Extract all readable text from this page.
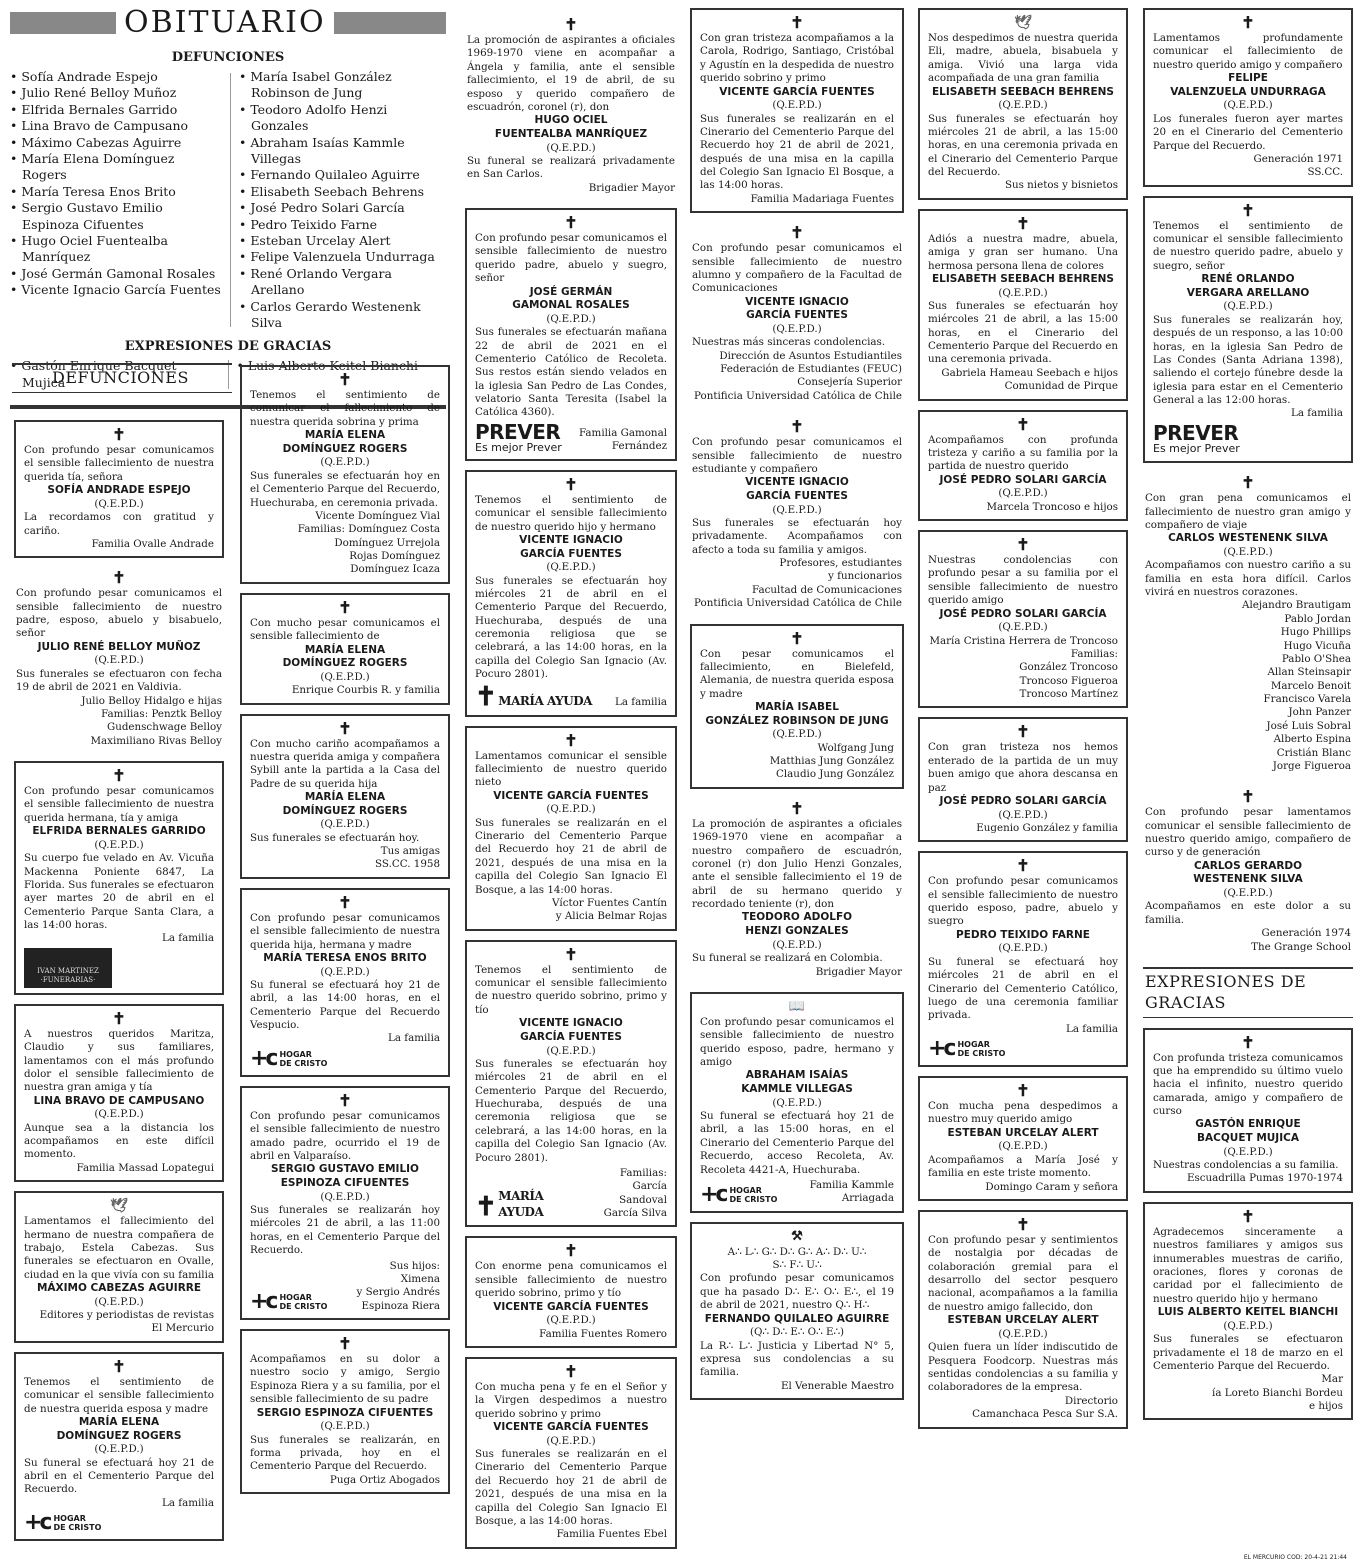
OBITUARIO
DEFUNCIONES
• Sofía Andrade Espejo
• Julio René Belloy Muñoz
• Elfrida Bernales Garrido
• Lina Bravo de Campusano
• Máximo Cabezas Aguirre
• María Elena Domínguez Rogers
• María Teresa Enos Brito
• Sergio Gustavo Emilio Espinoza Cifuentes
• Hugo Ociel Fuentealba Manríquez
• José Germán Gamonal Rosales
• Vicente Ignacio García Fuentes
• María Isabel González Robinson de Jung
• Teodoro Adolfo Henzi Gonzales
• Abraham Isaías Kammle Villegas
• Fernando Quilaleo Aguirre
• Elisabeth Seebach Behrens
• José Pedro Solari García
• Pedro Teixido Farne
• Esteban Urcelay Alert
• Felipe Valenzuela Undurraga
• René Orlando Vergara Arellano
• Carlos Gerardo Westenenk Silva
EXPRESIONES DE GRACIAS
• Gastón Enrique Bacquet Mujica
• Luis Alberto Keitel Bianchi
DEFUNCIONES
✝
Con profundo pesar comunicamos el sensible fallecimiento de nuestra querida tía, señora
SOFÍA ANDRADE ESPEJO
(Q.E.P.D.)
La recordamos con gratitud y cariño.
Familia Ovalle Andrade
✝
Con profundo pesar comunicamos el sensible fallecimiento de nuestro padre, esposo, abuelo y bisabuelo, señor
JULIO RENÉ BELLOY MUÑOZ
(Q.E.P.D.)
Sus funerales se efectuaron con fecha 19 de abril de 2021 en Valdivia.
Julio Belloy Hidalgo e hijas
Familias: Penztk Belloy
Gudenschwage Belloy
Maximiliano Rivas Belloy
✝
Con profundo pesar comunicamos el sensible fallecimiento de nuestra querida hermana, tía y amiga
ELFRIDA BERNALES GARRIDO
(Q.E.P.D.)
Su cuerpo fue velado en Av. Vicuña Mackenna Poniente 6847, La Florida. Sus funerales se efectuaron ayer martes 20 de abril en el Cementerio Parque Santa Clara, a las 14:00 horas.
La familia
IVAN MARTINEZ
·FUNERARIAS·
✝
A nuestros queridos Maritza, Claudio y sus familiares, lamentamos con el más profundo dolor el sensible fallecimiento de nuestra gran amiga y tía
LINA BRAVO DE CAMPUSANO
(Q.E.P.D.)
Aunque sea a la distancia los acompañamos en este difícil momento.
Familia Massad Lopategui
🕊
Lamentamos el fallecimiento del hermano de nuestra compañera de trabajo, Estela Cabezas. Sus funerales se efectuaron en Ovalle, ciudad en la que vivía con su familia
MÁXIMO CABEZAS AGUIRRE
(Q.E.P.D.)
Editores y periodistas de revistas
El Mercurio
✝
Tenemos el sentimiento de comunicar el sensible fallecimiento de nuestra querida esposa y madre
MARÍA ELENA
DOMÍNGUEZ ROGERS
(Q.E.P.D.)
Su funeral se efectuará hoy 21 de abril en el Cementerio Parque del Recuerdo.
La familia
+c HOGAR
DE CRISTO
✝
Tenemos el sentimiento de comunicar el fallecimiento de nuestra querida sobrina y prima
MARÍA ELENA
DOMÍNGUEZ ROGERS
(Q.E.P.D.)
Sus funerales se efectuarán hoy en el Cementerio Parque del Recuerdo, Huechuraba, en ceremonia privada.
Vicente Domínguez Vial
Familias: Domínguez Costa
Domínguez Urrejola
Rojas Domínguez
Domínguez Icaza
✝
Con mucho pesar comunicamos el sensible fallecimiento de
MARÍA ELENA
DOMÍNGUEZ ROGERS
(Q.E.P.D.)
Enrique Courbis R. y familia
✝
Con mucho cariño acompañamos a nuestra querida amiga y compañera Sybill ante la partida a la Casa del Padre de su querida hija
MARÍA ELENA
DOMÍNGUEZ ROGERS
(Q.E.P.D.)
Sus funerales se efectuarán hoy.
Tus amigas
SS.CC. 1958
✝
Con profundo pesar comunicamos el sensible fallecimiento de nuestra querida hija, hermana y madre
MARÍA TERESA ENOS BRITO
(Q.E.P.D.)
Su funeral se efectuará hoy 21 de abril, a las 14:00 horas, en el Cementerio Parque del Recuerdo Vespucio.
La familia
+c HOGAR
DE CRISTO
✝
Con profundo pesar comunicamos el sensible fallecimiento de nuestro amado padre, ocurrido el 19 de abril en Valparaíso.
SERGIO GUSTAVO EMILIO
ESPINOZA CIFUENTES
(Q.E.P.D.)
Sus funerales se realizarán hoy miércoles 21 de abril, a las 11:00 horas, en el Cementerio Parque del Recuerdo.
+c HOGAR
DE CRISTO
Sus hijos:
Ximena
y Sergio Andrés
Espinoza Riera
✝
Acompañamos en su dolor a nuestro socio y amigo, Sergio Espinoza Riera y a su familia, por el sensible fallecimiento de su padre
SERGIO ESPINOZA CIFUENTES
(Q.E.P.D.)
Sus funerales se realizarán, en forma privada, hoy en el Cementerio Parque del Recuerdo.
Puga Ortiz Abogados
✝
La promoción de aspirantes a oficiales 1969-1970 viene en acompañar a Ángela y familia, ante el sensible fallecimiento, el 19 de abril, de su esposo y querido compañero de escuadrón, coronel (r), don
HUGO OCIEL
FUENTEALBA MANRÍQUEZ
(Q.E.P.D.)
Su funeral se realizará privadamente en San Carlos.
Brigadier Mayor
✝
Con profundo pesar comunicamos el sensible fallecimiento de nuestro querido padre, abuelo y suegro, señor
JOSÉ GERMÁN
GAMONAL ROSALES
(Q.E.P.D.)
Sus funerales se efectuarán mañana 22 de abril de 2021 en el Cementerio Católico de Recoleta. Sus restos están siendo velados en la iglesia San Pedro de Las Condes, velatorio Santa Teresita (Isabel la Católica 4360).
PREVER
Es mejor Prever
Familia Gamonal
Fernández
✝
Tenemos el sentimiento de comunicar el sensible fallecimiento de nuestro querido hijo y hermano
VICENTE IGNACIO
GARCÍA FUENTES
(Q.E.P.D.)
Sus funerales se efectuarán hoy miércoles 21 de abril en el Cementerio Parque del Recuerdo, Huechuraba, después de una ceremonia religiosa que se celebrará, a las 14:00 horas, en la capilla del Colegio San Ignacio (Av. Pocuro 2801).
✝ MARÍA AYUDA La familia
✝
Lamentamos comunicar el sensible fallecimiento de nuestro querido nieto
VICENTE GARCÍA FUENTES
(Q.E.P.D.)
Sus funerales se realizarán en el Cinerario del Cementerio Parque del Recuerdo hoy 21 de abril de 2021, después de una misa en la capilla del Colegio San Ignacio El Bosque, a las 14:00 horas.
Víctor Fuentes Cantín
y Alicia Belmar Rojas
✝
Tenemos el sentimiento de comunicar el sensible fallecimiento de nuestro querido sobrino, primo y tío
VICENTE IGNACIO
GARCÍA FUENTES
(Q.E.P.D.)
Sus funerales se efectuarán hoy miércoles 21 de abril en el Cementerio Parque del Recuerdo, Huechuraba, después de una ceremonia religiosa que se celebrará, a las 14:00 horas, en la capilla del Colegio San Ignacio (Av. Pocuro 2801).
✝ MARÍA AYUDA
Familias:
García Sandoval
García Silva
✝
Con enorme pena comunicamos el sensible fallecimiento de nuestro querido sobrino, primo y tío
VICENTE GARCÍA FUENTES
(Q.E.P.D.)
Familia Fuentes Romero
✝
Con mucha pena y fe en el Señor y la Virgen despedimos a nuestro querido sobrino y primo
VICENTE GARCÍA FUENTES
(Q.E.P.D.)
Sus funerales se realizarán en el Cinerario del Cementerio Parque del Recuerdo hoy 21 de abril de 2021, después de una misa en la capilla del Colegio San Ignacio El Bosque, a las 14:00 horas.
Familia Fuentes Ebel
✝
Con gran tristeza acompañamos a la Carola, Rodrigo, Santiago, Cristóbal y Agustín en la despedida de nuestro querido sobrino y primo
VICENTE GARCÍA FUENTES
(Q.E.P.D.)
Sus funerales se realizarán en el Cinerario del Cementerio Parque del Recuerdo hoy 21 de abril de 2021, después de una misa en la capilla del Colegio San Ignacio El Bosque, a las 14:00 horas.
Familia Madariaga Fuentes
✝
Con profundo pesar comunicamos el sensible fallecimiento de nuestro alumno y compañero de la Facultad de Comunicaciones
VICENTE IGNACIO
GARCÍA FUENTES
(Q.E.P.D.)
Nuestras más sinceras condolencias.
Dirección de Asuntos Estudiantiles
Federación de Estudiantes (FEUC)
Consejería Superior
Pontificia Universidad Católica de Chile
✝
Con profundo pesar comunicamos el sensible fallecimiento de nuestro estudiante y compañero
VICENTE IGNACIO
GARCÍA FUENTES
(Q.E.P.D.)
Sus funerales se efectuarán hoy privadamente. Acompañamos con afecto a toda su familia y amigos.
Profesores, estudiantes
y funcionarios
Facultad de Comunicaciones
Pontificia Universidad Católica de Chile
✝
Con pesar comunicamos el fallecimiento, en Bielefeld, Alemania, de nuestra querida esposa y madre
MARÍA ISABEL
GONZÁLEZ ROBINSON DE JUNG
(Q.E.P.D.)
Wolfgang Jung
Matthias Jung González
Claudio Jung González
✝
La promoción de aspirantes a oficiales 1969-1970 viene en acompañar a nuestro compañero de escuadrón, coronel (r) don Julio Henzi Gonzales, ante el sensible fallecimiento el 19 de abril de su hermano querido y recordado teniente (r), don
TEODORO ADOLFO
HENZI GONZALES
(Q.E.P.D.)
Su funeral se realizará en Colombia.
Brigadier Mayor
📖
Con profundo pesar comunicamos el sensible fallecimiento de nuestro querido esposo, padre, hermano y amigo
ABRAHAM ISAÍAS
KAMMLE VILLEGAS
(Q.E.P.D.)
Su funeral se efectuará hoy 21 de abril, a las 15:00 horas, en el Cinerario del Cementerio Parque del Recuerdo, acceso Recoleta, Av. Recoleta 4421-A, Huechuraba.
+c HOGAR
DE CRISTO
Familia Kammle
Arriagada
⚒
A∴ L∴ G∴ D∴ G∴ A∴ D∴ U∴
S∴ F∴ U∴
Con profundo pesar comunicamos que ha pasado D∴ E∴ O∴ E∴, el 19 de abril de 2021, nuestro Q∴ H∴
FERNANDO QUILALEO AGUIRRE
(Q∴ D∴ E∴ O∴ E∴)
La R∴ L∴ Justicia y Libertad N° 5, expresa sus condolencias a su familia.
El Venerable Maestro
🕊
Nos despedimos de nuestra querida Eli, madre, abuela, bisabuela y amiga. Vivió una larga vida acompañada de una gran familia
ELISABETH SEEBACH BEHRENS
(Q.E.P.D.)
Sus funerales se efectuarán hoy miércoles 21 de abril, a las 15:00 horas, en una ceremonia privada en el Cinerario del Cementerio Parque del Recuerdo.
Sus nietos y bisnietos
✝
Adiós a nuestra madre, abuela, amiga y gran ser humano. Una hermosa persona llena de colores
ELISABETH SEEBACH BEHRENS
(Q.E.P.D.)
Sus funerales se efectuarán hoy miércoles 21 de abril, a las 15:00 horas, en el Cinerario del Cementerio Parque del Recuerdo en una ceremonia privada.
Gabriela Hameau Seebach e hijos
Comunidad de Pirque
✝
Acompañamos con profunda tristeza y cariño a su familia por la partida de nuestro querido
JOSÉ PEDRO SOLARI GARCÍA
(Q.E.P.D.)
Marcela Troncoso e hijos
✝
Nuestras condolencias con profundo pesar a su familia por el sensible fallecimiento de nuestro querido amigo
JOSÉ PEDRO SOLARI GARCÍA
(Q.E.P.D.)
María Cristina Herrera de Troncoso
Familias:
González Troncoso
Troncoso Figueroa
Troncoso Martínez
✝
Con gran tristeza nos hemos enterado de la partida de un muy buen amigo que ahora descansa en paz
JOSÉ PEDRO SOLARI GARCÍA
(Q.E.P.D.)
Eugenio González y familia
✝
Con profundo pesar comunicamos el sensible fallecimiento de nuestro querido esposo, padre, abuelo y suegro
PEDRO TEIXIDO FARNE
(Q.E.P.D.)
Su funeral se efectuará hoy miércoles 21 de abril en el Cinerario del Cementerio Católico, luego de una ceremonia familiar privada.
La familia
+c HOGAR
DE CRISTO
✝
Con mucha pena despedimos a nuestro muy querido amigo
ESTEBAN URCELAY ALERT
(Q.E.P.D.)
Acompañamos a María José y familia en este triste momento.
Domingo Caram y señora
✝
Con profundo pesar y sentimientos de nostalgia por décadas de colaboración gremial para el desarrollo del sector pesquero nacional, acompañamos a la familia de nuestro amigo fallecido, don
ESTEBAN URCELAY ALERT
(Q.E.P.D.)
Quien fuera un líder indiscutido de Pesquera Foodcorp. Nuestras más sentidas condolencias a su familia y colaboradores de la empresa.
Directorio
Camanchaca Pesca Sur S.A.
✝
Lamentamos profundamente comunicar el fallecimiento de nuestro querido amigo y compañero
FELIPE
VALENZUELA UNDURRAGA
(Q.E.P.D.)
Los funerales fueron ayer martes 20 en el Cinerario del Cementerio Parque del Recuerdo.
Generación 1971
SS.CC.
✝
Tenemos el sentimiento de comunicar el sensible fallecimiento de nuestro querido padre, abuelo y suegro, señor
RENÉ ORLANDO
VERGARA ARELLANO
(Q.E.P.D.)
Sus funerales se realizarán hoy, después de un responso, a las 10:00 horas, en la iglesia San Pedro de Las Condes (Santa Adriana 1398), saliendo el cortejo fúnebre desde la iglesia para estar en el Cementerio General a las 12:00 horas.
La familia
PREVER
Es mejor Prever
✝
Con gran pena comunicamos el fallecimiento de nuestro gran amigo y compañero de viaje
CARLOS WESTENENK SILVA
(Q.E.P.D.)
Acompañamos con nuestro cariño a su familia en esta hora difícil. Carlos vivirá en nuestros corazones.
Alejandro Brautigam
Pablo Jordan
Hugo Phillips
Hugo Vicuña
Pablo O'Shea
Allan Steinsapir
Marcelo Benoit
Francisco Varela
John Panzer
José Luis Sobral
Alberto Espina
Cristián Blanc
Jorge Figueroa
✝
Con profundo pesar lamentamos comunicar el sensible fallecimiento de nuestro querido amigo, compañero de curso y de generación
CARLOS GERARDO
WESTENENK SILVA
(Q.E.P.D.)
Acompañamos en este dolor a su familia.
Generación 1974
The Grange School
EXPRESIONES DE GRACIAS
✝
Con profunda tristeza comunicamos que ha emprendido su último vuelo hacia el infinito, nuestro querido camarada, amigo y compañero de curso
GASTÓN ENRIQUE
BACQUET MUJICA
(Q.E.P.D.)
Nuestras condolencias a su familia.
Escuadrilla Pumas 1970-1974
✝
Agradecemos sinceramente a nuestros familiares y amigos sus innumerables muestras de cariño, oraciones, flores y coronas de caridad por el fallecimiento de nuestro querido hijo y hermano
LUIS ALBERTO KEITEL BIANCHI
(Q.E.P.D.)
Sus funerales se efectuaron privadamente el 18 de marzo en el Cementerio Parque del Recuerdo.
Mar
ía Loreto Bianchi Bordeu
e hijos
EL MERCURIO COD: 20-4-21 21:44
